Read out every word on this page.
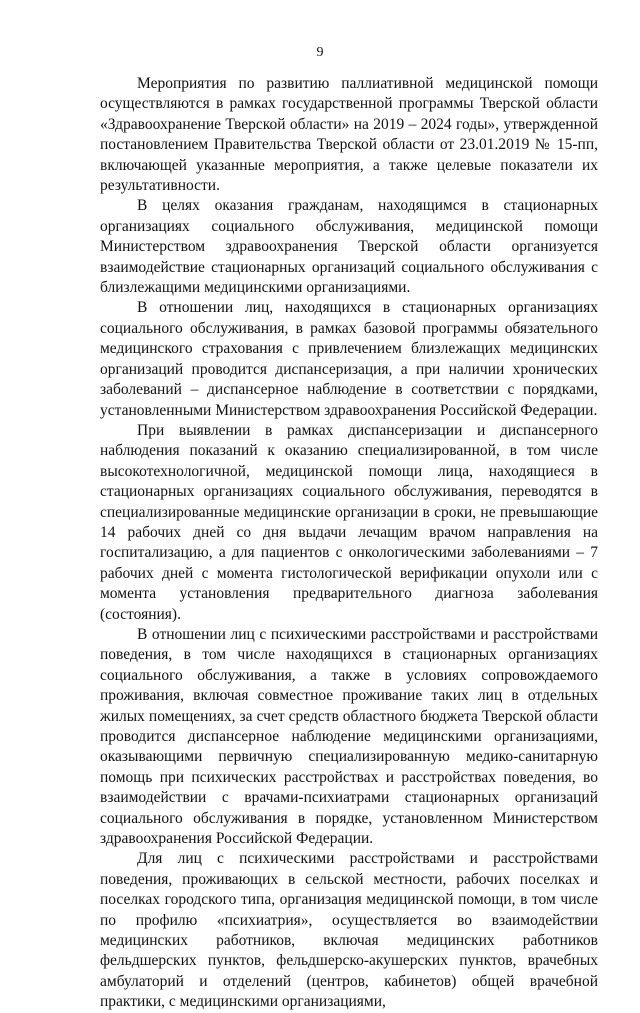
9

Мероприятия по развитию паллиативной медицинской помощи осуществляются в рамках государственной программы Тверской области «Здравоохранение Тверской области» на 2019 – 2024 годы», утвержденной постановлением Правительства Тверской области от 23.01.2019 № 15-пп, включающей указанные мероприятия, а также целевые показатели их результативности.

В целях оказания гражданам, находящимся в стационарных организациях социального обслуживания, медицинской помощи Министерством здравоохранения Тверской области организуется взаимодействие стационарных организаций социального обслуживания с близлежащими медицинскими организациями.

В отношении лиц, находящихся в стационарных организациях социального обслуживания, в рамках базовой программы обязательного медицинского страхования с привлечением близлежащих медицинских организаций проводится диспансеризация, а при наличии хронических заболеваний – диспансерное наблюдение в соответствии с порядками, установленными Министерством здравоохранения Российской Федерации.

При выявлении в рамках диспансеризации и диспансерного наблюдения показаний к оказанию специализированной, в том числе высокотехнологичной, медицинской помощи лица, находящиеся в стационарных организациях социального обслуживания, переводятся в специализированные медицинские организации в сроки, не превышающие 14 рабочих дней со дня выдачи лечащим врачом направления на госпитализацию, а для пациентов с онкологическими заболеваниями – 7 рабочих дней с момента гистологической верификации опухоли или с момента установления предварительного диагноза заболевания (состояния).

В отношении лиц с психическими расстройствами и расстройствами поведения, в том числе находящихся в стационарных организациях социального обслуживания, а также в условиях сопровождаемого проживания, включая совместное проживание таких лиц в отдельных жилых помещениях, за счет средств областного бюджета Тверской области проводится диспансерное наблюдение медицинскими организациями, оказывающими первичную специализированную медико-санитарную помощь при психических расстройствах и расстройствах поведения, во взаимодействии с врачами-психиатрами стационарных организаций социального обслуживания в порядке, установленном Министерством здравоохранения Российской Федерации.

Для лиц с психическими расстройствами и расстройствами поведения, проживающих в сельской местности, рабочих поселках и поселках городского типа, организация медицинской помощи, в том числе по профилю «психиатрия», осуществляется во взаимодействии медицинских работников, включая медицинских работников фельдшерских пунктов, фельдшерско-акушерских пунктов, врачебных амбулаторий и отделений (центров, кабинетов) общей врачебной практики, с медицинскими организациями,
